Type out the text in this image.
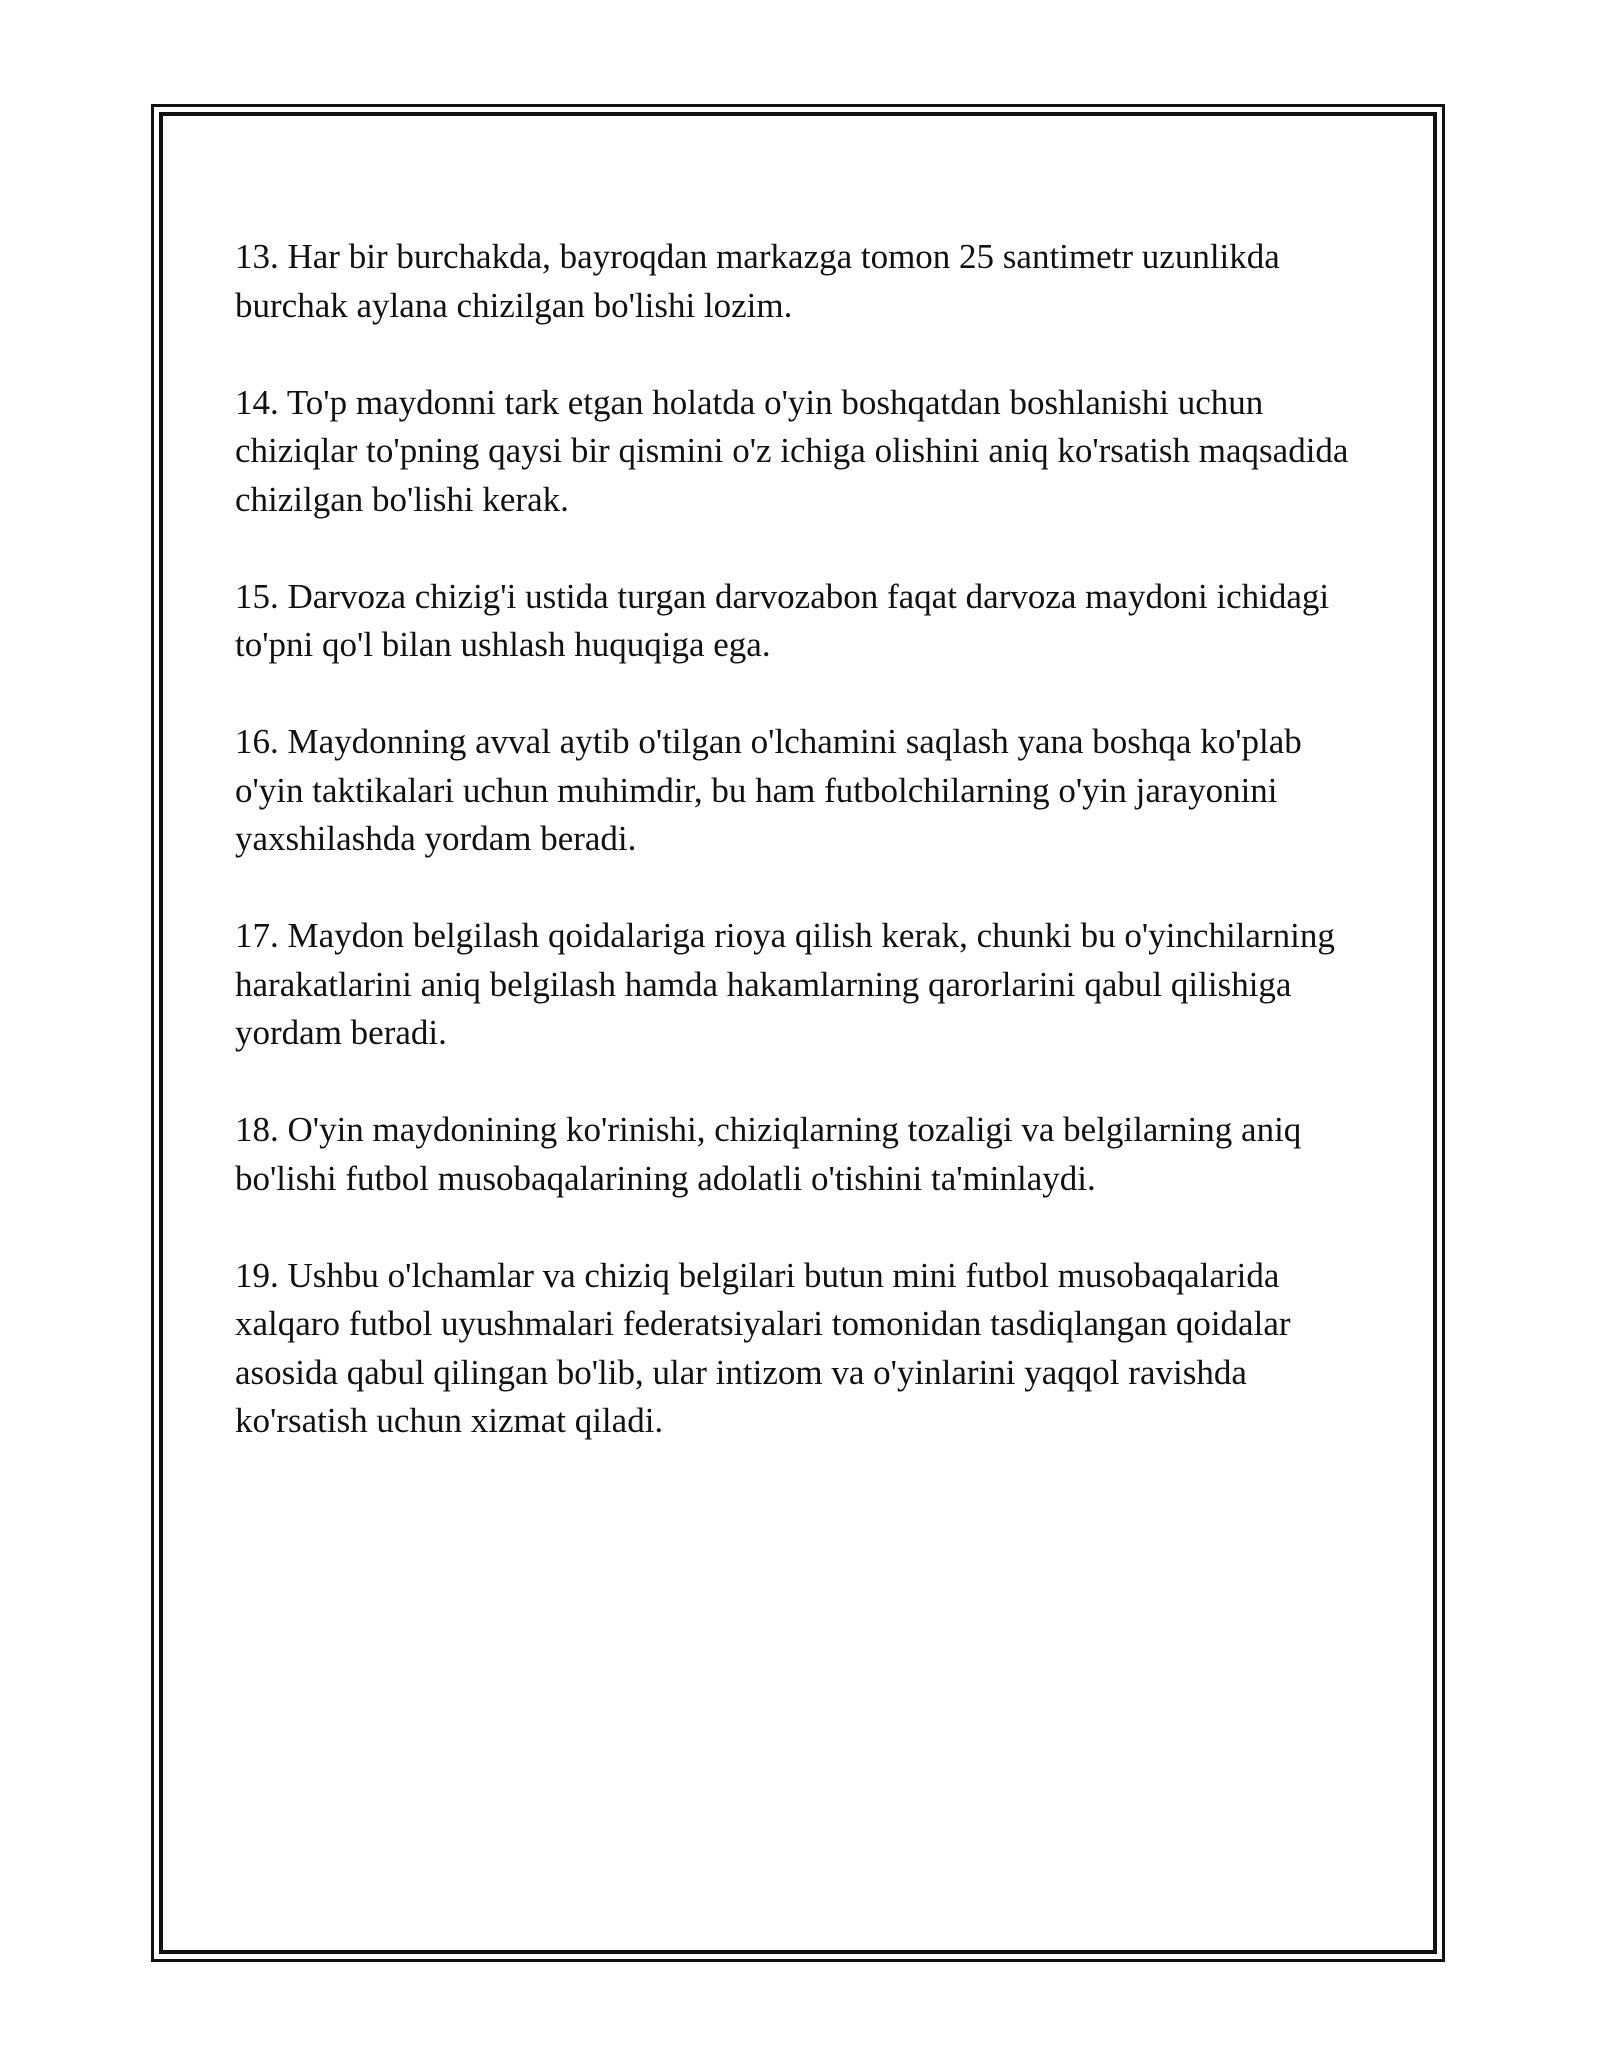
13. Har bir burchakda, bayroqdan markazga tomon 25 santimetr uzunlikda burchak aylana chizilgan bo'lishi lozim.

14. To'p maydonni tark etgan holatda o'yin boshqatdan boshlanishi uchun chiziqlar to'pning qaysi bir qismini o'z ichiga olishini aniq ko'rsatish maqsadida chizilgan bo'lishi kerak.

15. Darvoza chizig'i ustida turgan darvozabon faqat darvoza maydoni ichidagi to'pni qo'l bilan ushlash huquqiga ega.

16. Maydonning avval aytib o'tilgan o'lchamini saqlash yana boshqa ko'plab o'yin taktikalari uchun muhimdir, bu ham futbolchilarning o'yin jarayonini yaxshilashda yordam beradi.

17. Maydon belgilash qoidalariga rioya qilish kerak, chunki bu o'yinchilarning harakatlarini aniq belgilash hamda hakamlarning qarorlarini qabul qilishiga yordam beradi.

18. O'yin maydonining ko'rinishi, chiziqlarning tozaligi va belgilarning aniq bo'lishi futbol musobaqalarining adolatli o'tishini ta'minlaydi.

19. Ushbu o'lchamlar va chiziq belgilari butun mini futbol musobaqalarida xalqaro futbol uyushmalari federatsiyalari tomonidan tasdiqlangan qoidalar asosida qabul qilingan bo'lib, ular intizom va o'yinlarini yaqqol ravishda ko'rsatish uchun xizmat qiladi.
